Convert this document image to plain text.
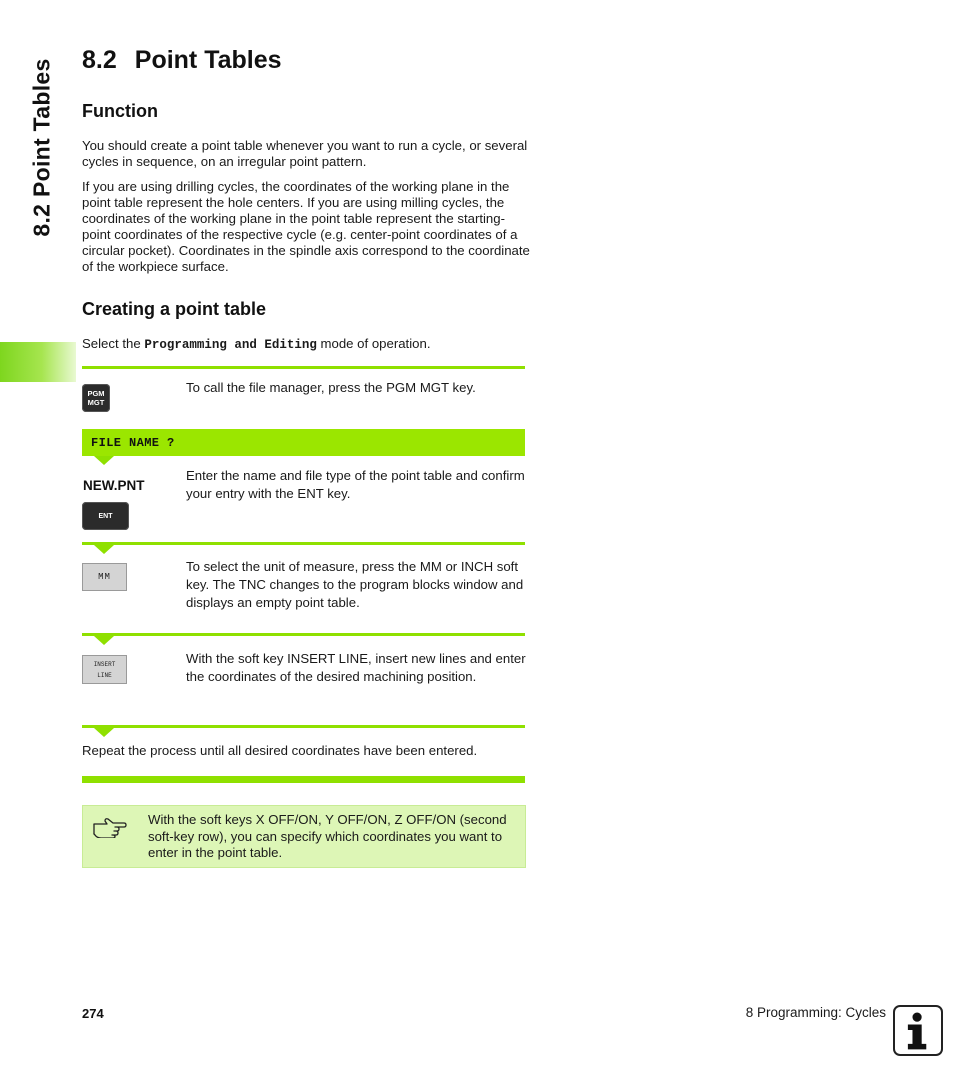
8.2 Point Tables 8.2 Point Tables
Function
You should create a point table whenever you want to run a cycle, or several cycles in sequence, on an irregular point pattern.
If you are using drilling cycles, the coordinates of the working plane in the point table represent the hole centers. If you are using milling cycles, the coordinates of the working plane in the point table represent the starting-point coordinates of the respective cycle (e.g. center-point coordinates of a circular pocket). Coordinates in the spindle axis correspond to the coordinate of the workpiece surface.
Creating a point table
Select the Programming and Editing mode of operation.
PGM
MGT
To call the file manager, press the PGM MGT key.
FILE NAME ?
NEW.PNT
ENT
Enter the name and file type of the point table and confirm your entry with the ENT key.
MM
To select the unit of measure, press the MM or INCH soft key. The TNC changes to the program blocks window and displays an empty point table.
INSERT
LINE
With the soft key INSERT LINE, insert new lines and enter the coordinates of the desired machining position.
Repeat the process until all desired coordinates have been entered.
With the soft keys X OFF/ON, Y OFF/ON, Z OFF/ON (second soft-key row), you can specify which coordinates you want to enter in the point table.
274	8 Programming: Cycles
